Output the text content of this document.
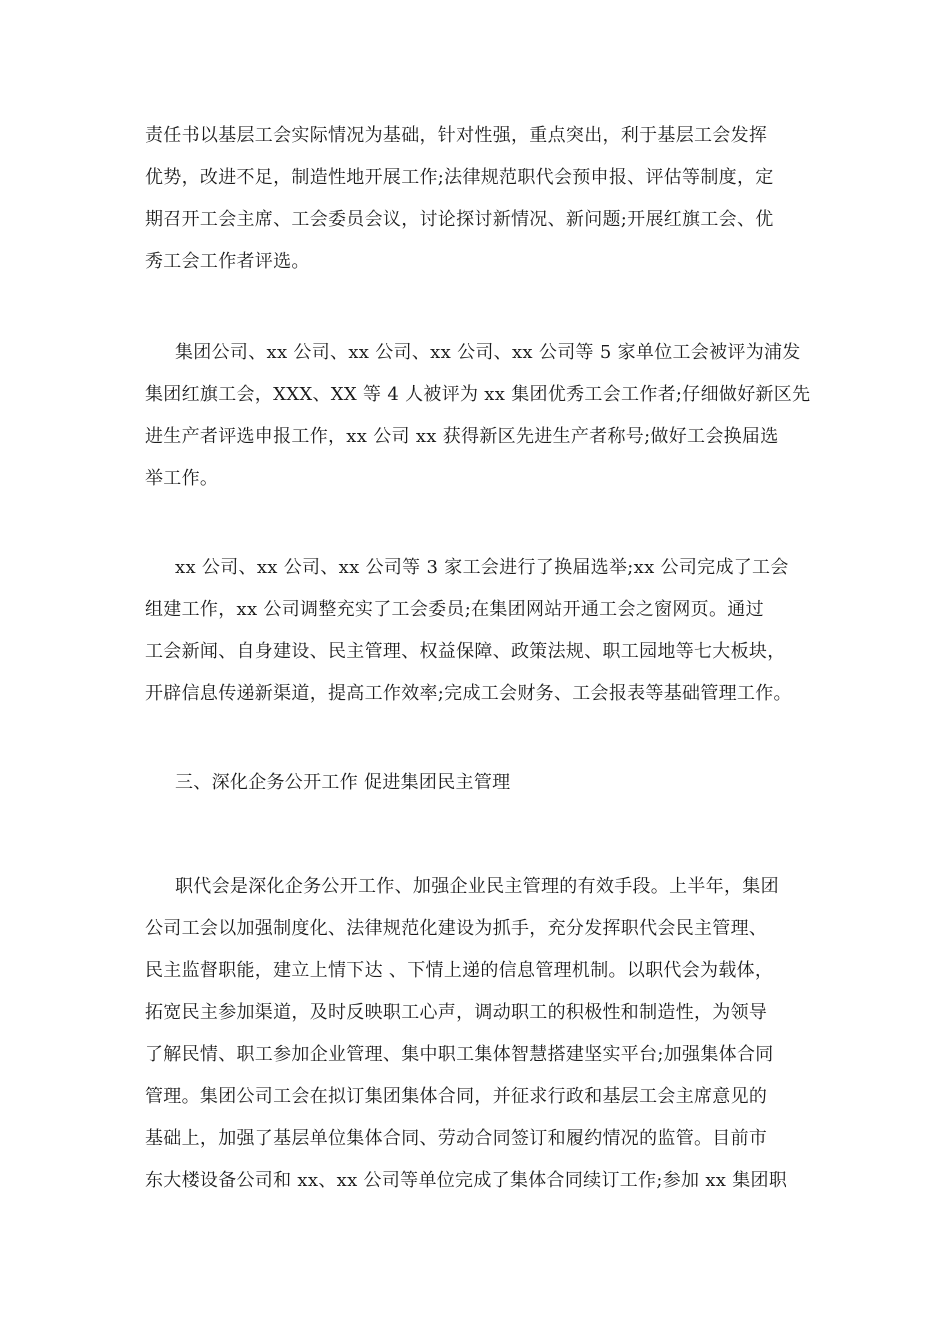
责任书以基层工会实际情况为基础，针对性强，重点突出，利于基层工会发挥
优势，改进不足，制造性地开展工作;法律规范职代会预申报、评估等制度，定
期召开工会主席、工会委员会议，讨论探讨新情况、新问题;开展红旗工会、优
秀工会工作者评选。
集团公司、xx 公司、xx 公司、xx 公司、xx 公司等 5 家单位工会被评为浦发
集团红旗工会，XXX、XX 等 4 人被评为 xx 集团优秀工会工作者;仔细做好新区先
进生产者评选申报工作，xx 公司 xx 获得新区先进生产者称号;做好工会换届选
举工作。
xx 公司、xx 公司、xx 公司等 3 家工会进行了换届选举;xx 公司完成了工会
组建工作，xx 公司调整充实了工会委员;在集团网站开通工会之窗网页。通过
工会新闻、自身建设、民主管理、权益保障、政策法规、职工园地等七大板块，
开辟信息传递新渠道，提高工作效率;完成工会财务、工会报表等基础管理工作。
三、深化企务公开工作 促进集团民主管理
职代会是深化企务公开工作、加强企业民主管理的有效手段。上半年，集团
公司工会以加强制度化、法律规范化建设为抓手，充分发挥职代会民主管理、
民主监督职能，建立上情下达 、下情上递的信息管理机制。以职代会为载体，
拓宽民主参加渠道，及时反映职工心声，调动职工的积极性和制造性，为领导
了解民情、职工参加企业管理、集中职工集体智慧搭建坚实平台;加强集体合同
管理。集团公司工会在拟订集团集体合同，并征求行政和基层工会主席意见的
基础上，加强了基层单位集体合同、劳动合同签订和履约情况的监管。目前市
东大楼设备公司和 xx、xx 公司等单位完成了集体合同续订工作;参加 xx 集团职
